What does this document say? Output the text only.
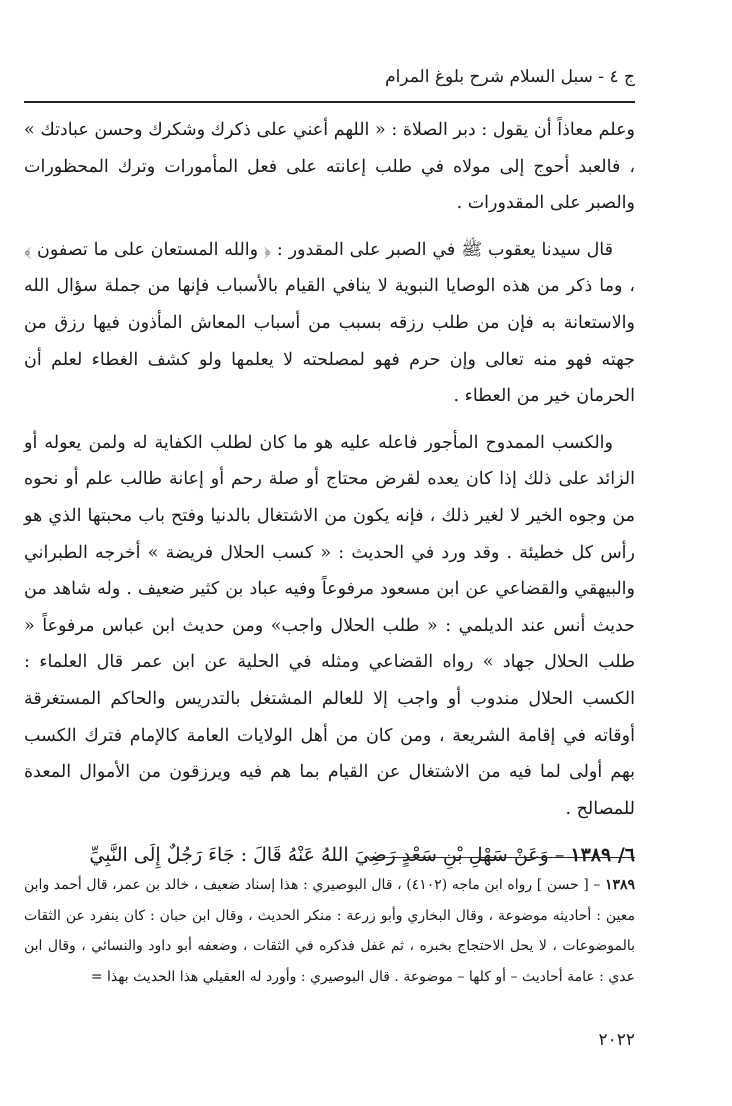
ج ٤ - سبل السلام شرح بلوغ المرام

وعلم معاذاً أن يقول : دبر الصلاة : « اللهم أعني على ذكرك وشكرك وحسن عبادتك » ، فالعبد أحوج إلى مولاه في طلب إعانته على فعل المأمورات وترك المحظورات والصبر على المقدورات .

قال سيدنا يعقوب ﷺ في الصبر على المقدور : ﴿ والله المستعان على ما تصفون ﴾ ، وما ذكر من هذه الوصايا النبوية لا ينافي القيام بالأسباب فإنها من جملة سؤال الله والاستعانة به فإن من طلب رزقه بسبب من أسباب المعاش المأذون فيها رزق من جهته فهو منه تعالى وإن حرم فهو لمصلحته لا يعلمها ولو كشف الغطاء لعلم أن الحرمان خير من العطاء .

والكسب الممدوح المأجور فاعله عليه هو ما كان لطلب الكفاية له ولمن يعوله أو الزائد على ذلك إذا كان يعده لقرض محتاج أو صلة رحم أو إعانة طالب علم أو نحوه من وجوه الخير لا لغير ذلك ، فإنه يكون من الاشتغال بالدنيا وفتح باب محبتها الذي هو رأس كل خطيئة . وقد ورد في الحديث : « كسب الحلال فريضة » أخرجه الطبراني والبيهقي والقضاعي عن ابن مسعود مرفوعاً وفيه عباد بن كثير ضعيف . وله شاهد من حديث أنس عند الديلمي : « طلب الحلال واجب» ومن حديث ابن عباس مرفوعاً « طلب الحلال جهاد » رواه القضاعي ومثله في الحلية عن ابن عمر قال العلماء : الكسب الحلال مندوب أو واجب إلا للعالم المشتغل بالتدريس والحاكم المستغرقة أوقاته في إقامة الشريعة ، ومن كان من أهل الولايات العامة كالإمام فترك الكسب بهم أولى لما فيه من الاشتغال عن القيام بما هم فيه ويرزقون من الأموال المعدة للمصالح .

٦/ ١٣٨٩ – وَعَنْ سَهْلِ بْنِ سَعْدٍ رَضِيَ اللهُ عَنْهُ قَالَ : جَاءَ رَجُلٌ إِلَى النَّبِيِّ

١٣٨٩ – [ حسن ] رواه ابن ماجه (٤١٠٢) ، قال البوصيري : هذا إسناد ضعيف ، خالد بن عمر، قال أحمد وابن معين : أحاديثه موضوعة ، وقال البخاري وأبو زرعة : منكر الحديث ، وقال ابن حبان : كان ينفرد عن الثقات بالموضوعات ، لا يحل الاحتجاج بخبره ، ثم غفل فذكره في الثقات ، وضعفه أبو داود والنسائي ، وقال ابن عدي : عامة أحاديث – أو كلها – موضوعة . قال البوصيري : وأورد له العقيلي هذا الحديث بهذا =
٢٠٢٢
